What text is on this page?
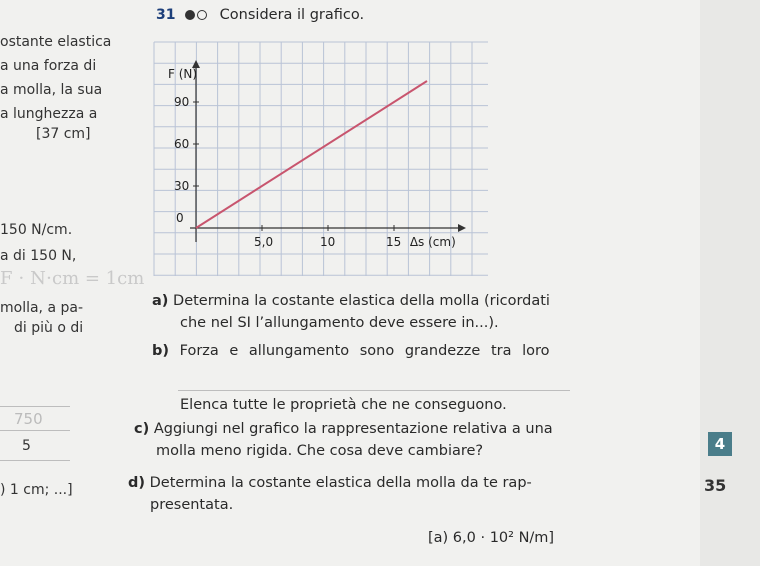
31	Considera il grafico.
ostante elastica
a una forza di
a molla, la sua
a lunghezza a
[37 cm]
150 N/cm.
a di 150 N,
F ⋅ N⋅cm = 1cm
molla, a pa-
di più o di
750
5
) 1 cm; ...]
30
60
90
5,0	10	15
F (N)
Δs (cm)
0
a) Determina la costante elastica della molla (ricordati
che nel SI l’allungamento deve essere in...).
b) Forza e allungamento sono grandezze tra loro
Elenca tutte le proprietà che ne conseguono.
c) Aggiungi nel grafico la rappresentazione relativa a una
molla meno rigida. Che cosa deve cambiare?
d) Determina la costante elastica della molla da te rap-
presentata.
[a) 6,0 · 10² N/m]
4
35
